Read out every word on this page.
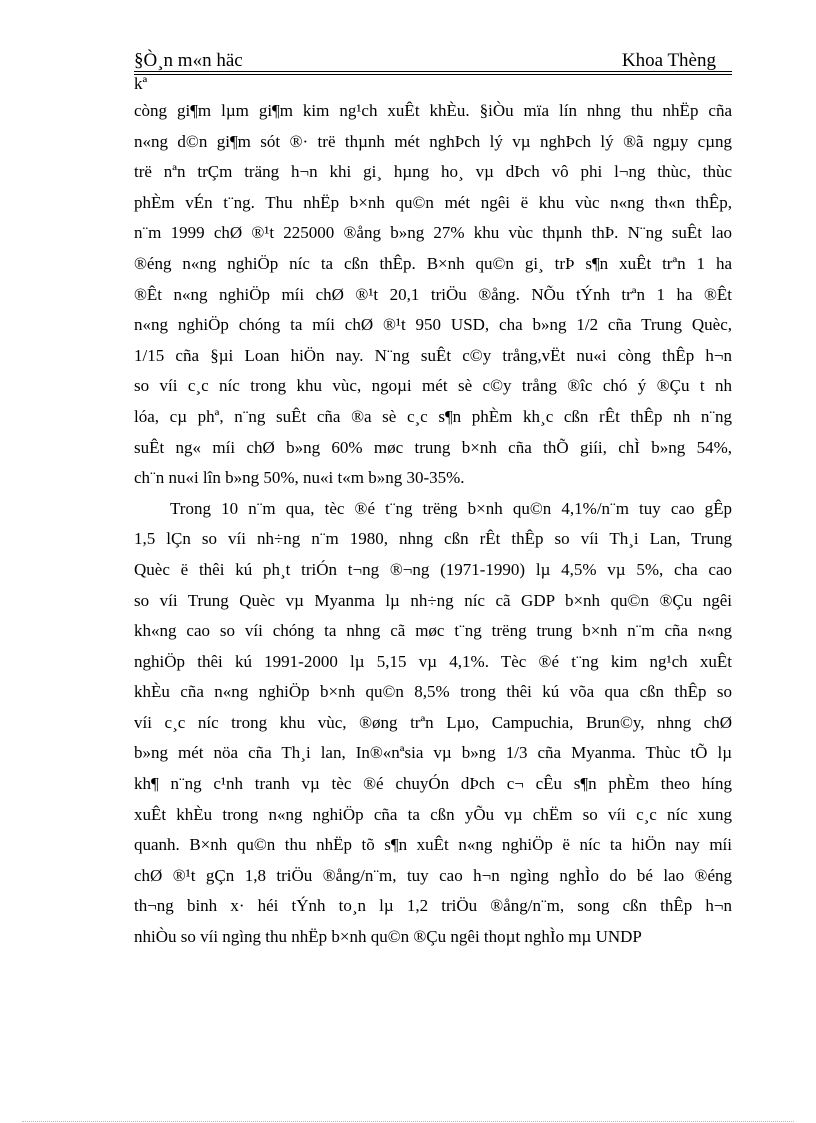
§Ò¸n m«n häc	Khoa Thèng
kª
còng gi¶m lµm gi¶m kim ng¹ch xuÊt khÈu. §iÒu mïa lín nhng thu nhËp cña
n«ng d©n gi¶m sót ®· trë thµnh mét nghÞch lý vµ nghÞch lý ®ã ngµy cµng
trë nªn trÇm träng h¬n khi gi¸ hµng ho¸ vµ dÞch vô phi l¬ng thùc, thùc
phÈm vÉn t¨ng. Thu nhËp b×nh qu©n mét ngêi ë khu vùc n«ng th«n thÊp,
n¨m 1999 chØ ®¹t 225000 ®ång b»ng 27% khu vùc thµnh thÞ. N¨ng suÊt lao
®éng n«ng nghiÖp níc ta cßn thÊp. B×nh qu©n gi¸ trÞ s¶n xuÊt trªn 1 ha
®Êt n«ng nghiÖp míi chØ ®¹t 20,1 triÖu ®ång. NÕu tÝnh trªn 1 ha ®Êt
n«ng nghiÖp chóng ta míi chØ ®¹t 950 USD, cha b»ng 1/2 cña Trung Quèc,
1/15 cña §µi Loan hiÖn nay. N¨ng suÊt c©y trång,vËt nu«i còng thÊp h¬n
so víi c¸c níc trong khu vùc, ngoµi mét sè c©y trång ®îc chó ý ®Çu t nh
lóa, cµ phª, n¨ng suÊt cña ®a sè c¸c s¶n phÈm kh¸c cßn rÊt thÊp nh n¨ng
suÊt ng« míi chØ b»ng 60% møc trung b×nh cña thÕ giíi, chÌ b»ng 54%,
ch¨n nu«i lîn b»ng 50%, nu«i t«m b»ng 30-35%.
Trong 10 n¨m qua, tèc ®é t¨ng trëng b×nh qu©n 4,1%/n¨m tuy cao gÊp
1,5 lÇn so víi nh÷ng n¨m 1980, nhng cßn rÊt thÊp so víi Th¸i Lan, Trung
Quèc ë thêi kú ph¸t triÓn t¬ng ®¬ng (1971-1990) lµ 4,5% vµ 5%, cha cao
so víi Trung Quèc vµ Myanma lµ nh÷ng níc cã GDP b×nh qu©n ®Çu ngêi
kh«ng cao so víi chóng ta nhng cã møc t¨ng trëng trung b×nh n¨m cña n«ng
nghiÖp thêi kú 1991-2000 lµ 5,15 vµ 4,1%. Tèc ®é t¨ng kim ng¹ch xuÊt
khÈu cña n«ng nghiÖp b×nh qu©n 8,5% trong thêi kú võa qua cßn thÊp so
víi c¸c níc trong khu vùc, ®øng trªn Lµo, Campuchia, Brun©y, nhng chØ
b»ng mét nöa cña Th¸i lan, In®«nªsia vµ b»ng 1/3 cña Myanma. Thùc tÕ lµ
kh¶ n¨ng c¹nh tranh vµ tèc ®é chuyÓn dÞch c¬ cÊu s¶n phÈm theo híng
xuÊt khÈu trong n«ng nghiÖp cña ta cßn yÕu vµ chËm so víi c¸c níc xung
quanh. B×nh qu©n thu nhËp tõ s¶n xuÊt n«ng nghiÖp ë níc ta hiÖn nay míi
chØ ®¹t gÇn 1,8 triÖu ®ång/n¨m, tuy cao h¬n ngìng nghÌo do bé lao ®éng
th¬ng binh x· héi tÝnh to¸n lµ 1,2 triÖu ®ång/n¨m, song cßn thÊp h¬n
nhiÒu so víi ngìng thu nhËp b×nh qu©n ®Çu ngêi thoµt nghÌo mµ UNDP
